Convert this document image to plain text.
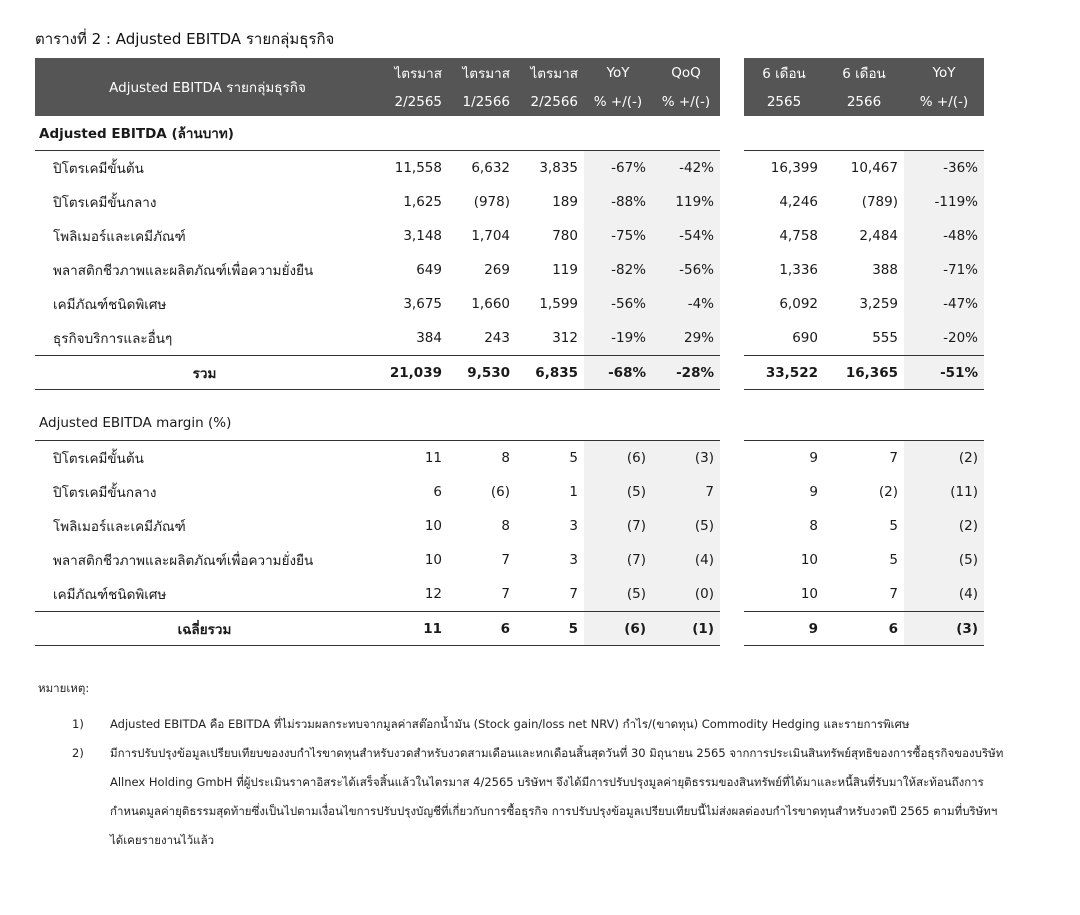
ตารางที่ 2 : Adjusted EBITDA รายกลุ่มธุรกิจ
Adjusted EBITDA รายกลุ่มธุรกิจ	ไตรมาส	ไตรมาส	ไตรมาส	YoY	QoQ		6 เดือน	6 เดือน	YoY
	2/2565	1/2566	2/2566	% +/(-)	% +/(-)		2565	2566	% +/(-)
Adjusted EBITDA (ล้านบาท)									
ปิโตรเคมีขั้นต้น	11,558	6,632	3,835	-67%	-42%		16,399	10,467	-36%
ปิโตรเคมีขั้นกลาง	1,625	(978)	189	-88%	119%		4,246	(789)	-119%
โพลิเมอร์และเคมีภัณฑ์	3,148	1,704	780	-75%	-54%		4,758	2,484	-48%
พลาสติกชีวภาพและผลิตภัณฑ์เพื่อความยั่งยืน	649	269	119	-82%	-56%		1,336	388	-71%
เคมีภัณฑ์ชนิดพิเศษ	3,675	1,660	1,599	-56%	-4%		6,092	3,259	-47%
ธุรกิจบริการและอื่นๆ	384	243	312	-19%	29%		690	555	-20%
รวม	21,039	9,530	6,835	-68%	-28%		33,522	16,365	-51%

Adjusted EBITDA margin (%)									
ปิโตรเคมีขั้นต้น	11	8	5	(6)	(3)		9	7	(2)
ปิโตรเคมีขั้นกลาง	6	(6)	1	(5)	7		9	(2)	(11)
โพลิเมอร์และเคมีภัณฑ์	10	8	3	(7)	(5)		8	5	(2)
พลาสติกชีวภาพและผลิตภัณฑ์เพื่อความยั่งยืน	10	7	3	(7)	(4)		10	5	(5)
เคมีภัณฑ์ชนิดพิเศษ	12	7	7	(5)	(0)		10	7	(4)
เฉลี่ยรวม	11	6	5	(6)	(1)		9	6	(3)
หมายเหตุ:
1) Adjusted EBITDA คือ EBITDA ที่ไม่รวมผลกระทบจากมูลค่าสต๊อกน้ำมัน (Stock gain/loss net NRV) กำไร/(ขาดทุน) Commodity Hedging และรายการพิเศษ
2) มีการปรับปรุงข้อมูลเปรียบเทียบของงบกำไรขาดทุนสำหรับงวดสำหรับงวดสามเดือนและหกเดือนสิ้นสุดวันที่ 30 มิถุนายน 2565 จากการประเมินสินทรัพย์สุทธิของการซื้อธุรกิจของบริษัท Allnex Holding GmbH ที่ผู้ประเมินราคาอิสระได้เสร็จสิ้นแล้วในไตรมาส 4/2565 บริษัทฯ จึงได้มีการปรับปรุงมูลค่ายุติธรรมของสินทรัพย์ที่ได้มาและหนี้สินที่รับมาให้สะท้อนถึงการกำหนดมูลค่ายุติธรรมสุดท้ายซึ่งเป็นไปตามเงื่อนไขการปรับปรุงบัญชีที่เกี่ยวกับการซื้อธุรกิจ การปรับปรุงข้อมูลเปรียบเทียบนี้ไม่ส่งผลต่องบกำไรขาดทุนสำหรับงวดปี 2565 ตามที่บริษัทฯ ได้เคยรายงานไว้แล้ว
